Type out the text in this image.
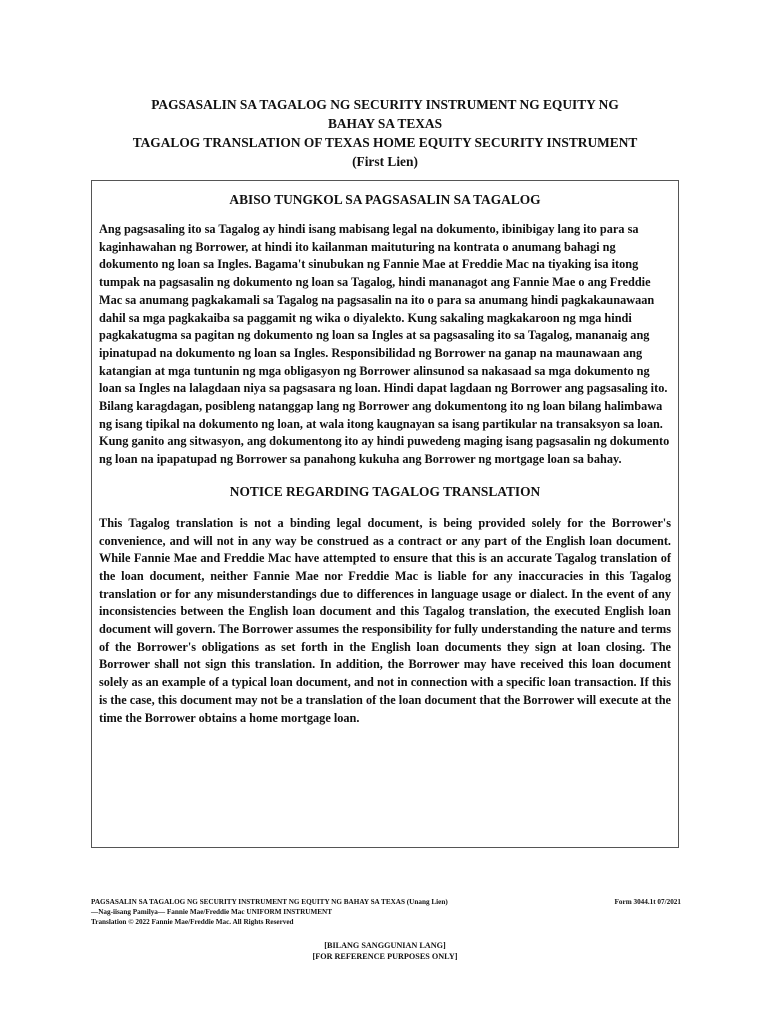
PAGSASALIN SA TAGALOG NG SECURITY INSTRUMENT NG EQUITY NG
BAHAY SA TEXAS
TAGALOG TRANSLATION OF TEXAS HOME EQUITY SECURITY INSTRUMENT
(First Lien)

ABISO TUNGKOL SA PAGSASALIN SA TAGALOG

Ang pagsasaling ito sa Tagalog ay hindi isang mabisang legal na dokumento, ibinibigay lang ito para sa kaginhawahan ng Borrower, at hindi ito kailanman maituturing na kontrata o anumang bahagi ng dokumento ng loan sa Ingles. Bagama't sinubukan ng Fannie Mae at Freddie Mac na tiyaking isa itong tumpak na pagsasalin ng dokumento ng loan sa Tagalog, hindi mananagot ang Fannie Mae o ang Freddie Mac sa anumang pagkakamali sa Tagalog na pagsasalin na ito o para sa anumang hindi pagkakaunawaan dahil sa mga pagkakaiba sa paggamit ng wika o diyalekto. Kung sakaling magkakaroon ng mga hindi pagkakatugma sa pagitan ng dokumento ng loan sa Ingles at sa pagsasaling ito sa Tagalog, mananaig ang ipinatupad na dokumento ng loan sa Ingles. Responsibilidad ng Borrower na ganap na maunawaan ang katangian at mga tuntunin ng mga obligasyon ng Borrower alinsunod sa nakasaad sa mga dokumento ng loan sa Ingles na lalagdaan niya sa pagsasara ng loan. Hindi dapat lagdaan ng Borrower ang pagsasaling ito. Bilang karagdagan, posibleng natanggap lang ng Borrower ang dokumentong ito ng loan bilang halimbawa ng isang tipikal na dokumento ng loan, at wala itong kaugnayan sa isang partikular na transaksyon sa loan. Kung ganito ang sitwasyon, ang dokumentong ito ay hindi puwedeng maging isang pagsasalin ng dokumento ng loan na ipapatupad ng Borrower sa panahong kukuha ang Borrower ng mortgage loan sa bahay.

NOTICE REGARDING TAGALOG TRANSLATION

This Tagalog translation is not a binding legal document, is being provided solely for the Borrower's convenience, and will not in any way be construed as a contract or any part of the English loan document. While Fannie Mae and Freddie Mac have attempted to ensure that this is an accurate Tagalog translation of the loan document, neither Fannie Mae nor Freddie Mac is liable for any inaccuracies in this Tagalog translation or for any misunderstandings due to differences in language usage or dialect. In the event of any inconsistencies between the English loan document and this Tagalog translation, the executed English loan document will govern. The Borrower assumes the responsibility for fully understanding the nature and terms of the Borrower's obligations as set forth in the English loan documents they sign at loan closing. The Borrower shall not sign this translation. In addition, the Borrower may have received this loan document solely as an example of a typical loan document, and not in connection with a specific loan transaction. If this is the case, this document may not be a translation of the loan document that the Borrower will execute at the time the Borrower obtains a home mortgage loan.

PAGSASALIN SA TAGALOG NG SECURITY INSTRUMENT NG EQUITY NG BAHAY SA TEXAS (Unang Lien)	Form 3044.1t 07/2021
—Nag-iisang Pamilya— Fannie Mae/Freddie Mac UNIFORM INSTRUMENT
Translation © 2022 Fannie Mae/Freddie Mac. All Rights Reserved
[BILANG SANGGUNIAN LANG]
[FOR REFERENCE PURPOSES ONLY]
